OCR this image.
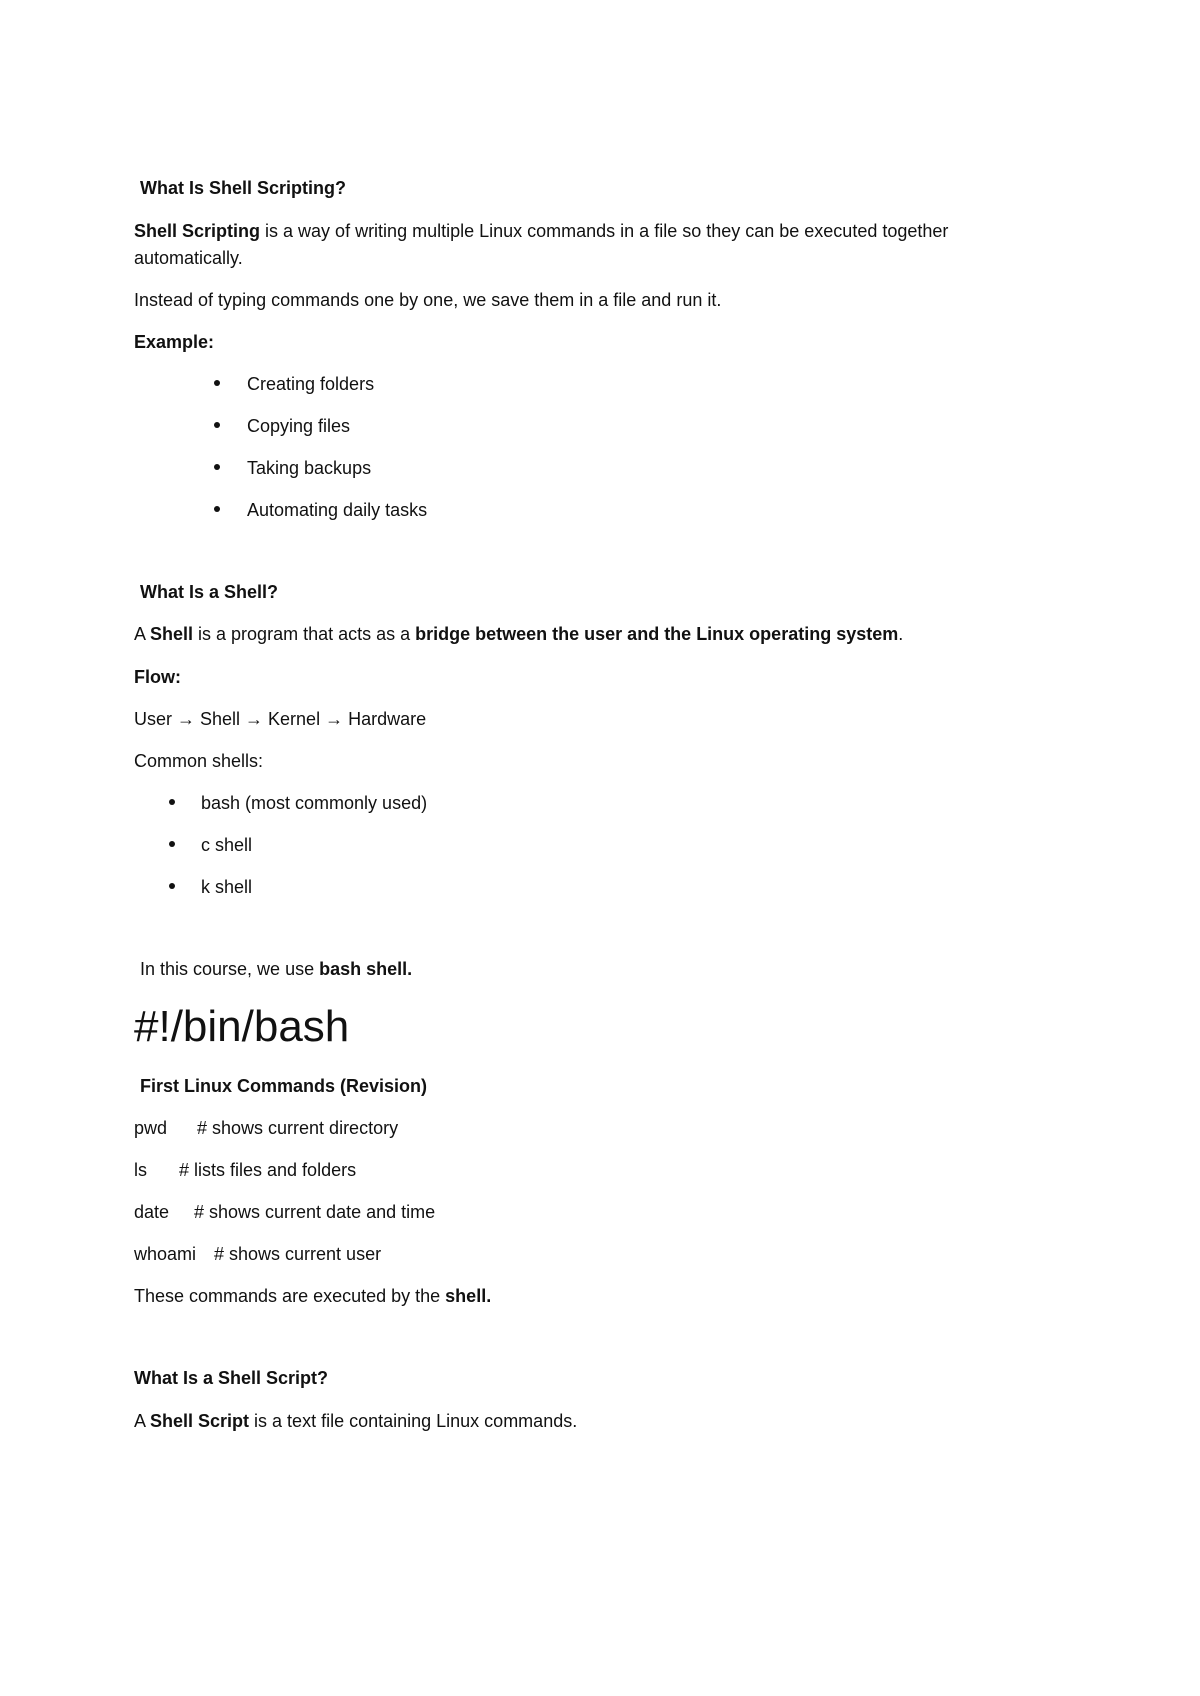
What Is Shell Scripting?
Shell Scripting is a way of writing multiple Linux commands in a file so they can be executed together
automatically.
Instead of typing commands one by one, we save them in a file and run it.
Example:
Creating folders
Copying files
Taking backups
Automating daily tasks
What Is a Shell?
A Shell is a program that acts as a bridge between the user and the Linux operating system.
Flow:
User → Shell → Kernel → Hardware
Common shells:
bash (most commonly used)
c shell
k shell
In this course, we use bash shell.
#!/bin/bash
First Linux Commands (Revision)
pwd # shows current directory
ls # lists files and folders
date # shows current date and time
whoami # shows current user
These commands are executed by the shell.
What Is a Shell Script?
A Shell Script is a text file containing Linux commands.
